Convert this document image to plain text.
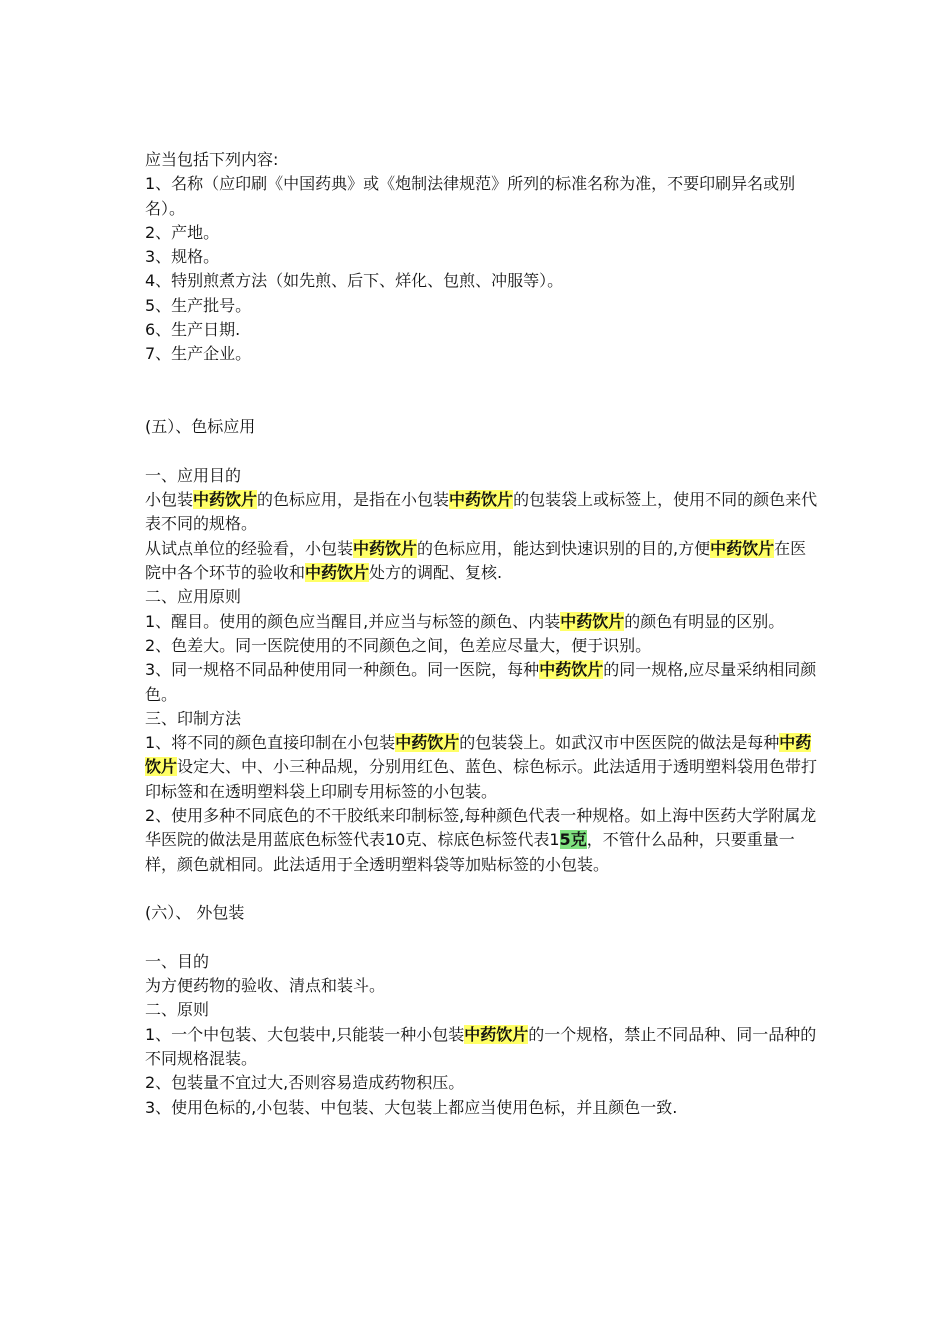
应当包括下列内容:

1、名称（应印刷《中国药典》或《炮制法律规范》所列的标准名称为准，不要印刷异名或别名）。

2、产地。

3、规格。

4、特别煎煮方法（如先煎、后下、烊化、包煎、冲服等）。

5、生产批号。

6、生产日期.

7、生产企业。

(五）、色标应用

一、应用目的

小包装中药饮片的色标应用，是指在小包装中药饮片的包装袋上或标签上，使用不同的颜色来代表不同的规格。

从试点单位的经验看，小包装中药饮片的色标应用，能达到快速识别的目的,方便中药饮片在医院中各个环节的验收和中药饮片处方的调配、复核.

二、应用原则

1、醒目。使用的颜色应当醒目,并应当与标签的颜色、内装中药饮片的颜色有明显的区别。

2、色差大。同一医院使用的不同颜色之间，色差应尽量大，便于识别。

3、同一规格不同品种使用同一种颜色。同一医院，每种中药饮片的同一规格,应尽量采纳相同颜色。

三、印制方法

1、将不同的颜色直接印制在小包装中药饮片的包装袋上。如武汉市中医医院的做法是每种中药饮片设定大、中、小三种品规，分别用红色、蓝色、棕色标示。此法适用于透明塑料袋用色带打印标签和在透明塑料袋上印刷专用标签的小包装。

2、使用多种不同底色的不干胶纸来印制标签,每种颜色代表一种规格。如上海中医药大学附属龙华医院的做法是用蓝底色标签代表10克、棕底色标签代表15克，不管什么品种，只要重量一样，颜色就相同。此法适用于全透明塑料袋等加贴标签的小包装。

(六）、 外包装

一、目的

为方便药物的验收、清点和装斗。

二、原则

1、一个中包装、大包装中,只能装一种小包装中药饮片的一个规格，禁止不同品种、同一品种的不同规格混装。

2、包装量不宜过大,否则容易造成药物积压。

3、使用色标的,小包装、中包装、大包装上都应当使用色标，并且颜色一致.
